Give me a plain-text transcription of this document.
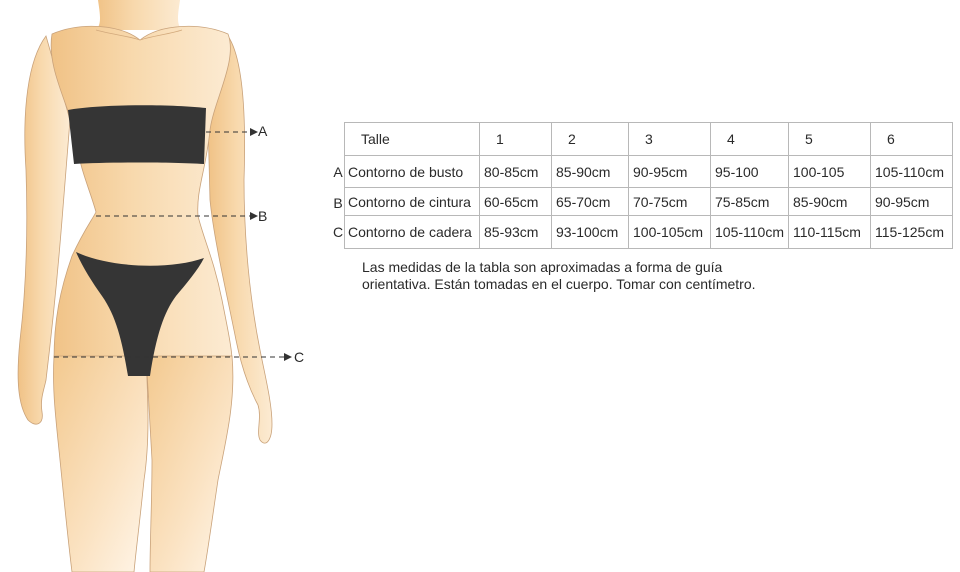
A
B
C
A
B
C
Talle	1	2	3	4	5	6
Contorno de busto	80-85cm	85-90cm	90-95cm	95-100	100-105	105-110cm
Contorno de cintura	60-65cm	65-70cm	70-75cm	75-85cm	85-90cm	90-95cm
Contorno de cadera	85-93cm	93-100cm	100-105cm	105-110cm	110-115cm	115-125cm
Las medidas de la tabla son aproximadas a forma de guía
orientativa. Están tomadas en el cuerpo. Tomar con centímetro.
